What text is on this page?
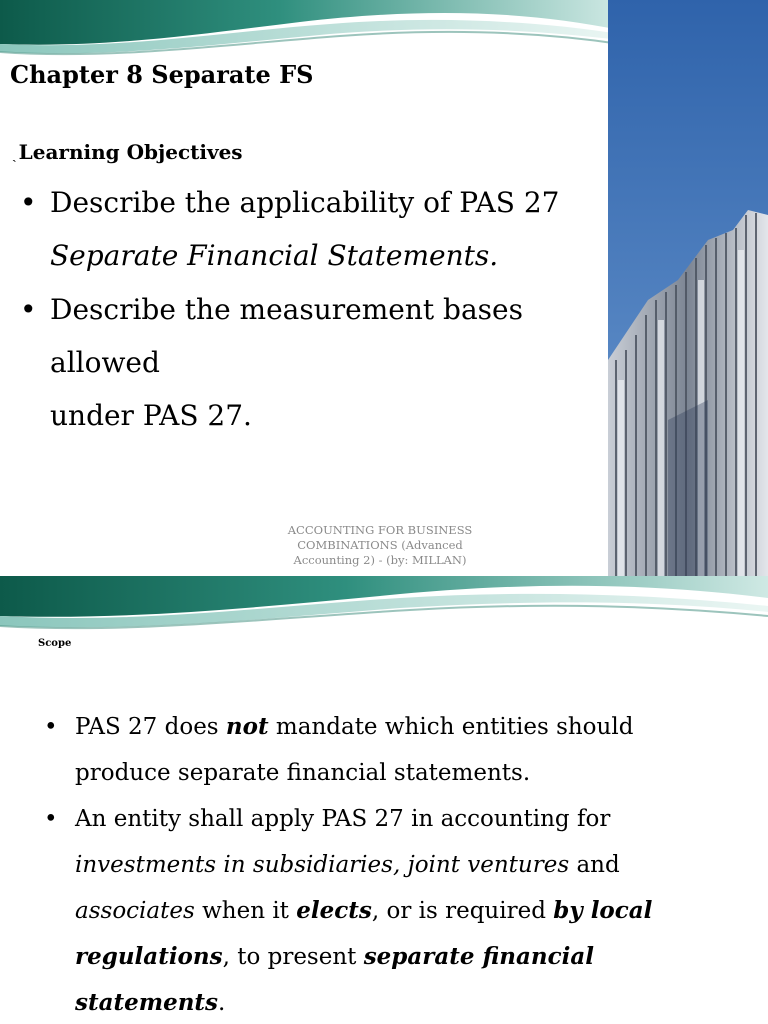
Chapter 8 Separate FS
ˎ Learning Objectives
• Describe the applicability of PAS 27
Separate Financial Statements.
• Describe the measurement bases allowed
under PAS 27.
ACCOUNTING FOR BUSINESS COMBINATIONS (Advanced Accounting 2) - (by: MILLAN)
Scope
• PAS 27 does not mandate which entities should produce separate financial statements.
• An entity shall apply PAS 27 in accounting for
investments in subsidiaries, joint ventures and
associates when it elects, or is required by local regulations, to present separate financial statements.
